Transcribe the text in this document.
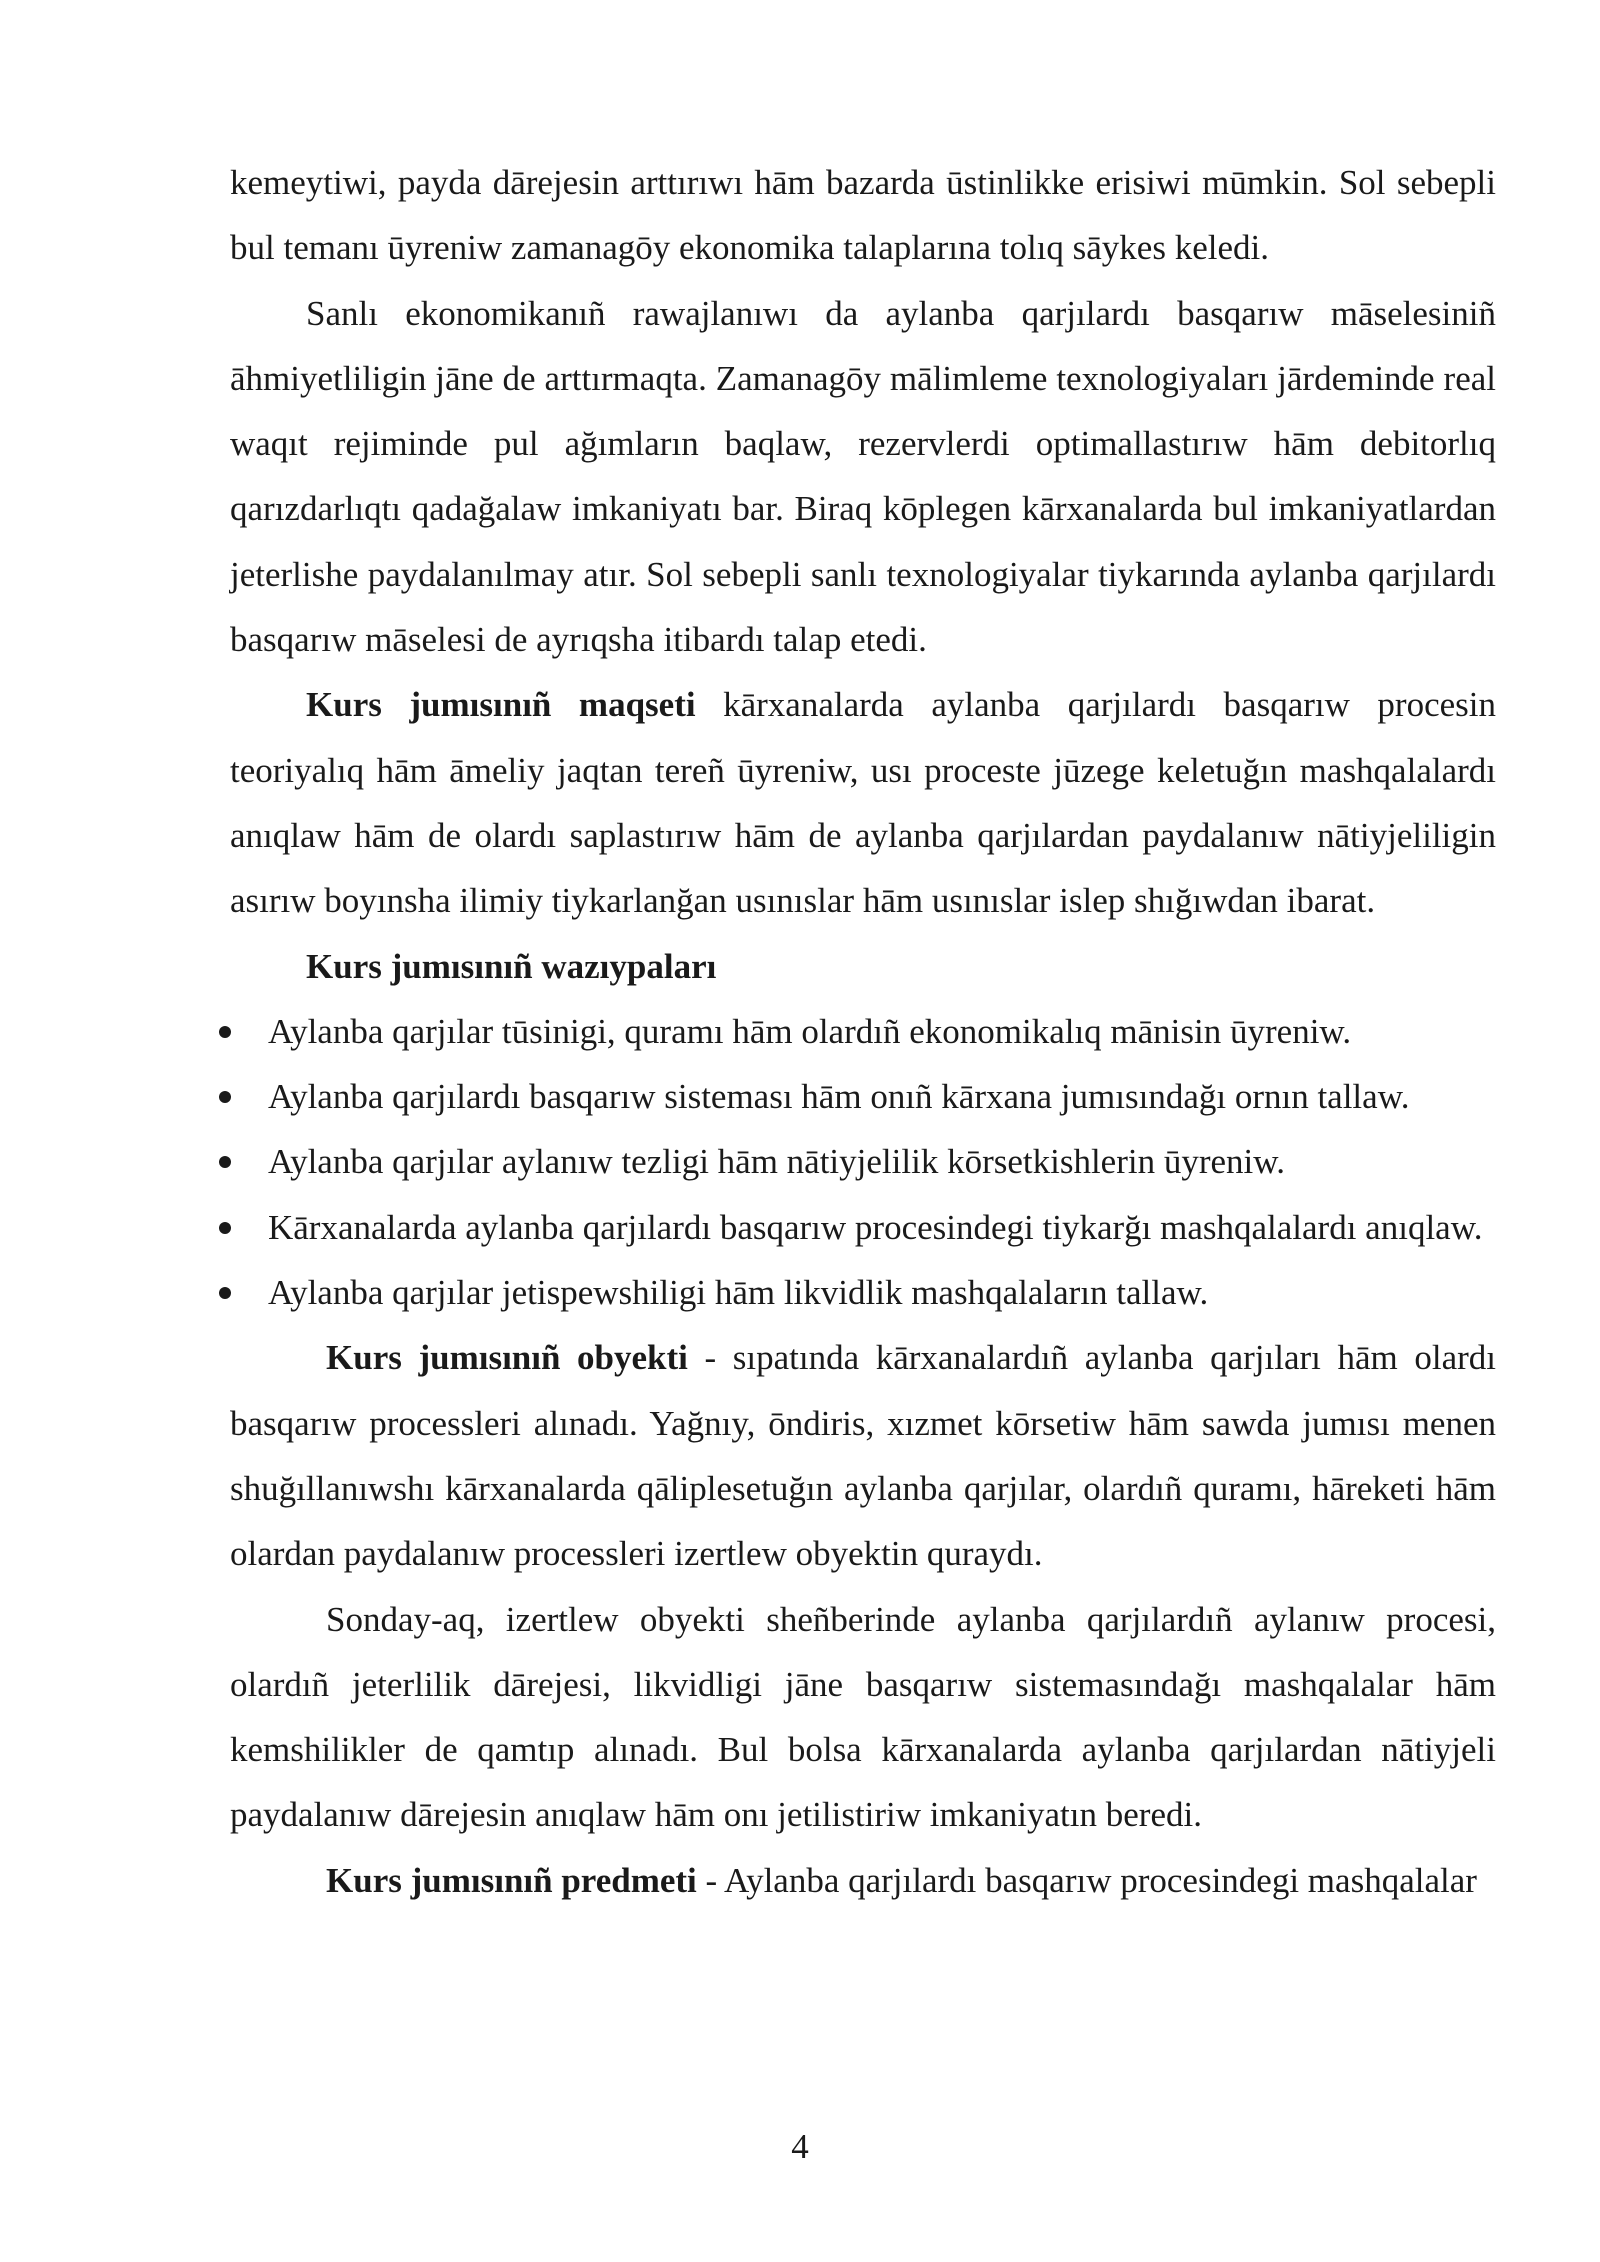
kemeytiwi, payda dārejesin arttırıwı hām bazarda ūstinlikke erisiwi mūmkin. Sol sebepli bul temanı ūyreniw zamanagōy ekonomika talaplarına tolıq sāykes keledi.

Sanlı ekonomikanıñ rawajlanıwı da aylanba qarjılardı basqarıw māselesiniñ āhmiyetliligin jāne de arttırmaqta. Zamanagōy mālimleme texnologiyaları jārdeminde real waqıt rejiminde pul ağımların baqlaw, rezervlerdi optimallastırıw hām debitorlıq qarızdarlıqtı qadağalaw imkaniyatı bar. Biraq kōplegen kārxanalarda bul imkaniyatlardan jeterlishe paydalanılmay atır. Sol sebepli sanlı texnologiyalar tiykarında aylanba qarjılardı basqarıw māselesi de ayrıqsha itibardı talap etedi.

Kurs jumısınıñ maqseti kārxanalarda aylanba qarjılardı basqarıw procesin teoriyalıq hām āmeliy jaqtan tereñ ūyreniw, usı proceste jūzege keletuğın mashqalalardı anıqlaw hām de olardı saplastırıw hām de aylanba qarjılardan paydalanıw nātiyjeliligin asırıw boyınsha ilimiy tiykarlanğan usınıslar hām usınıslar islep shığıwdan ibarat.

Kurs jumısınıñ wazıypaları

Aylanba qarjılar tūsinigi, quramı hām olardıñ ekonomikalıq mānisin ūyreniw.
Aylanba qarjılardı basqarıw sisteması hām onıñ kārxana jumısındağı ornın tallaw.
Aylanba qarjılar aylanıw tezligi hām nātiyjelilik kōrsetkishlerin ūyreniw.
Kārxanalarda aylanba qarjılardı basqarıw procesindegi tiykarğı mashqalalardı anıqlaw.
Aylanba qarjılar jetispewshiligi hām likvidlik mashqalaların tallaw.

Kurs jumısınıñ obyekti - sıpatında kārxanalardıñ aylanba qarjıları hām olardı basqarıw processleri alınadı. Yağnıy, ōndiris, xızmet kōrsetiw hām sawda jumısı menen shuğıllanıwshı kārxanalarda qāliplesetuğın aylanba qarjılar, olardıñ quramı, hāreketi hām olardan paydalanıw processleri izertlew obyektin quraydı.

Sonday-aq, izertlew obyekti sheñberinde aylanba qarjılardıñ aylanıw procesi, olardıñ jeterlilik dārejesi, likvidligi jāne basqarıw sistemasındağı mashqalalar hām kemshilikler de qamtıp alınadı. Bul bolsa kārxanalarda aylanba qarjılardan nātiyjeli paydalanıw dārejesin anıqlaw hām onı jetilistiriw imkaniyatın beredi.

Kurs jumısınıñ predmeti - Aylanba qarjılardı basqarıw procesindegi mashqalalar

4
